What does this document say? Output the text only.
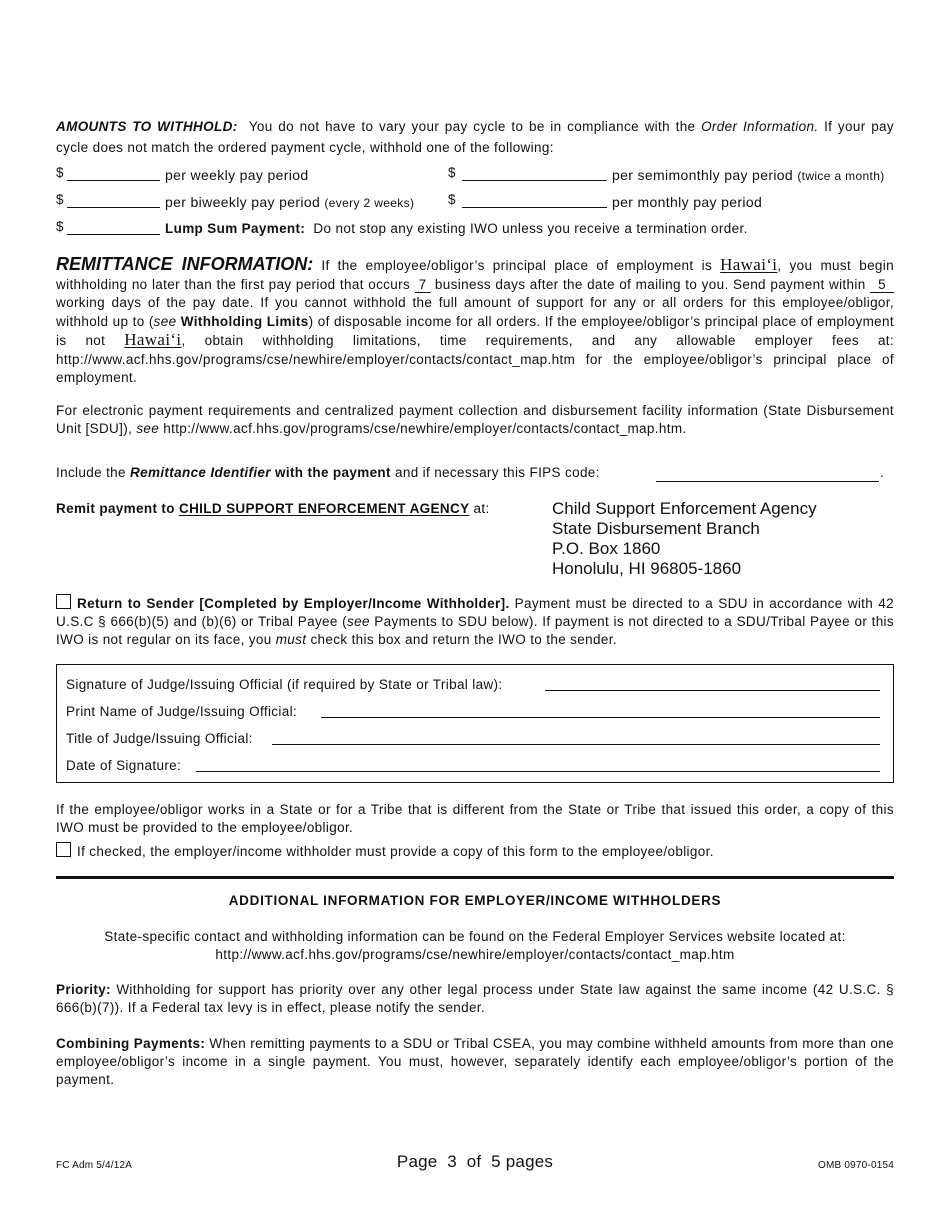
AMOUNTS TO WITHHOLD: You do not have to vary your pay cycle to be in compliance with the Order Information. If your pay cycle does not match the ordered payment cycle, withhold one of the following:
$	per weekly pay period	$	per semimonthly pay period (twice a month)
$	per biweekly pay period (every 2 weeks) $	per monthly pay period
$	Lump Sum Payment: Do not stop any existing IWO unless you receive a termination order.
REMITTANCE INFORMATION: If the employee/obligor’s principal place of employment is Hawai‘i, you must begin withholding no later than the first pay period that occurs 7 business days after the date of mailing to you. Send payment within 5 working days of the pay date. If you cannot withhold the full amount of support for any or all orders for this employee/obligor, withhold up to (see Withholding Limits) of disposable income for all orders. If the employee/obligor’s principal place of employment is not Hawai‘i, obtain withholding limitations, time requirements, and any allowable employer fees at: http://www.acf.hhs.gov/programs/cse/newhire/employer/contacts/contact_map.htm for the employee/obligor’s principal place of employment.
For electronic payment requirements and centralized payment collection and disbursement facility information (State Disbursement Unit [SDU]), see http://www.acf.hhs.gov/programs/cse/newhire/employer/contacts/contact_map.htm.
Include the Remittance Identifier with the payment and if necessary this FIPS code:	.
Remit payment to CHILD SUPPORT ENFORCEMENT AGENCY at:	Child Support Enforcement Agency
State Disbursement Branch
P.O. Box 1860
Honolulu, HI 96805-1860
Return to Sender [Completed by Employer/Income Withholder]. Payment must be directed to a SDU in accordance with 42 U.S.C § 666(b)(5) and (b)(6) or Tribal Payee (see Payments to SDU below). If payment is not directed to a SDU/Tribal Payee or this IWO is not regular on its face, you must check this box and return the IWO to the sender.
Signature of Judge/Issuing Official (if required by State or Tribal law):
Print Name of Judge/Issuing Official:
Title of Judge/Issuing Official:
Date of Signature:
If the employee/obligor works in a State or for a Tribe that is different from the State or Tribe that issued this order, a copy of this IWO must be provided to the employee/obligor.
If checked, the employer/income withholder must provide a copy of this form to the employee/obligor.
ADDITIONAL INFORMATION FOR EMPLOYER/INCOME WITHHOLDERS
State-specific contact and withholding information can be found on the Federal Employer Services website located at:
http://www.acf.hhs.gov/programs/cse/newhire/employer/contacts/contact_map.htm
Priority: Withholding for support has priority over any other legal process under State law against the same income (42 U.S.C. § 666(b)(7)). If a Federal tax levy is in effect, please notify the sender.
Combining Payments: When remitting payments to a SDU or Tribal CSEA, you may combine withheld amounts from more than one employee/obligor’s income in a single payment. You must, however, separately identify each employee/obligor’s portion of the payment.
FC Adm 5/4/12A	Page  3  of  5 pages	OMB 0970-0154
